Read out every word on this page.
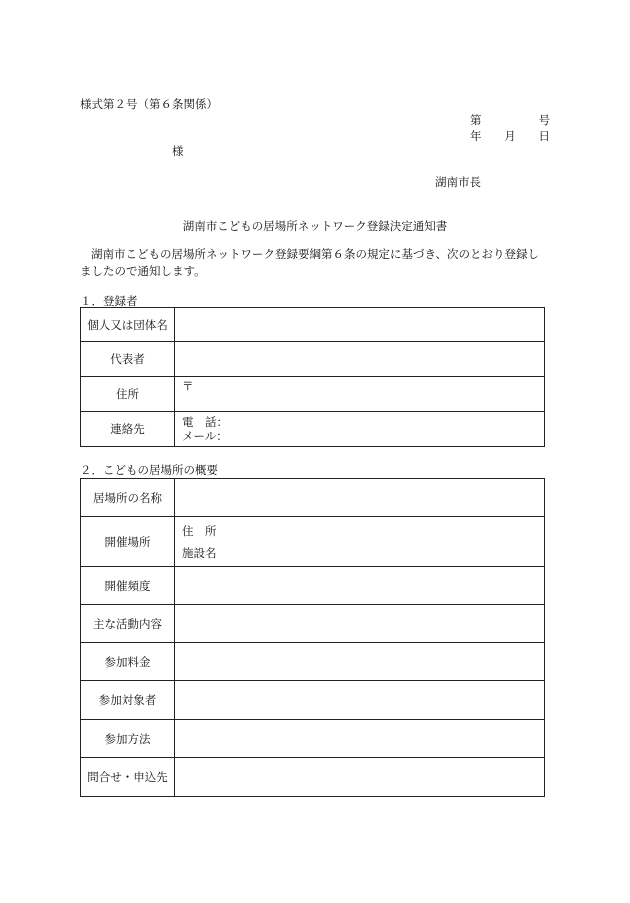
様式第２号（第６条関係）
第	号
年 月 日
様
湖南市長
湖南市こどもの居場所ネットワーク登録決定通知書
湖南市こどもの居場所ネットワーク登録要綱第６条の規定に基づき、次のとおり登録しましたので通知します。
１．登録者
個人又は団体名	
代表者	
住所	〒

連絡先	電　話：
メール：
２．こどもの居場所の概要
居場所の名称	
開催場所	住　所
施設名

開催頻度	
主な活動内容	
参加料金	
参加対象者	
参加方法	
問合せ・申込先	
